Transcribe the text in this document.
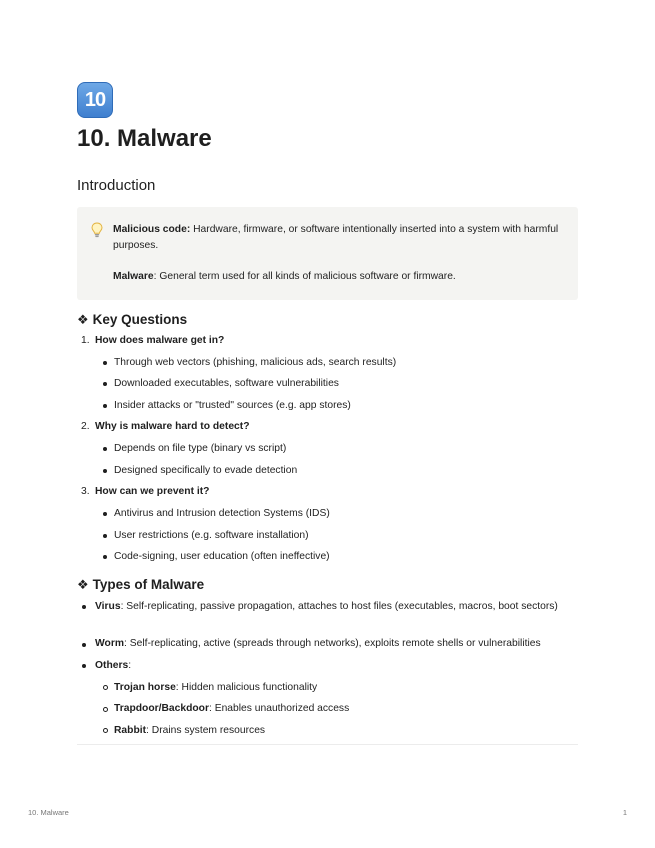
10
10. Malware
Introduction
Malicious code: Hardware, firmware, or software intentionally inserted into a system with harmful purposes.
Malware: General term used for all kinds of malicious software or firmware.
❖ Key Questions
1. How does malware get in?
Through web vectors (phishing, malicious ads, search results)
Downloaded executables, software vulnerabilities
Insider attacks or "trusted" sources (e.g. app stores)
2. Why is malware hard to detect?
Depends on file type (binary vs script)
Designed specifically to evade detection
3. How can we prevent it?
Antivirus and Intrusion detection Systems (IDS)
User restrictions (e.g. software installation)
Code-signing, user education (often ineffective)
❖ Types of Malware
Virus: Self-replicating, passive propagation, attaches to host files (executables, macros, boot sectors)
Worm: Self-replicating, active (spreads through networks), exploits remote shells or vulnerabilities
Others:
Trojan horse: Hidden malicious functionality
Trapdoor/Backdoor: Enables unauthorized access
Rabbit: Drains system resources
10. Malware	1
